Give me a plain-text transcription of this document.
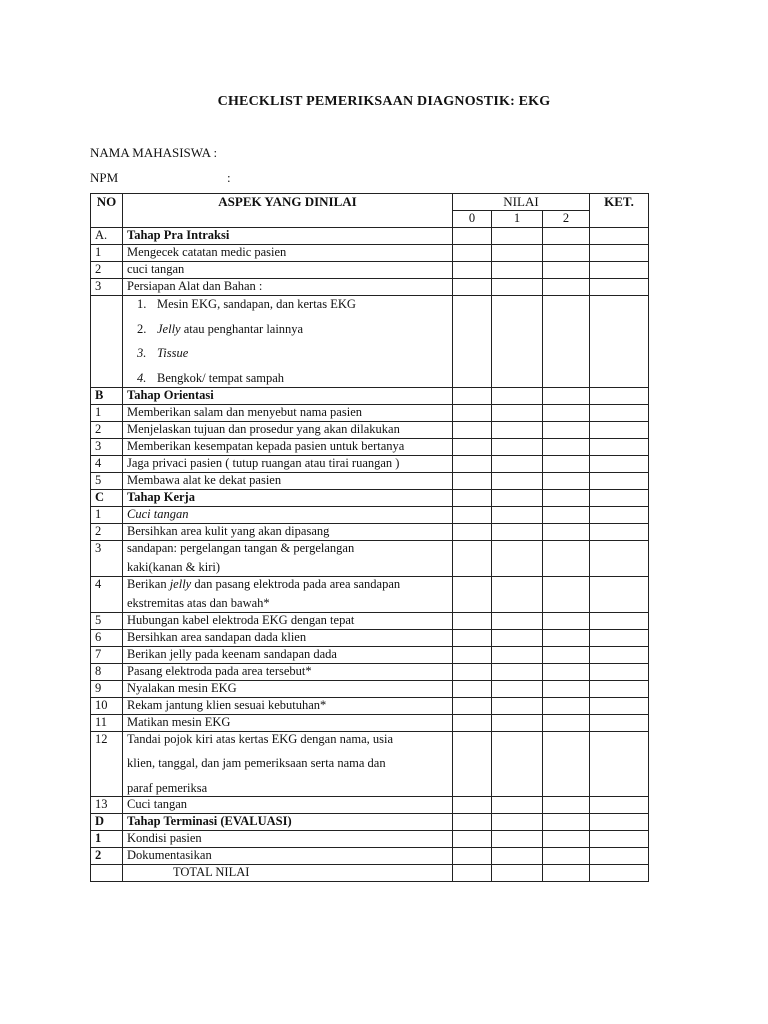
CHECKLIST PEMERIKSAAN DIAGNOSTIK: EKG
NAMA MAHASISWA :
NPM	:
NO	ASPEK YANG DINILAI	NILAI			KET.
		0	1	2	
A.	Tahap Pra Intraksi				
1	Mengecek catatan medic pasien				
2	cuci tangan				
3	Persiapan Alat dan Bahan :				

	1. Mesin EKG, sandapan, dan kertas EKG
2. Jelly atau penghantar lainnya
3. Tissue
4. Bengkok/ tempat sampah				

B	Tahap Orientasi				
1	Memberikan salam dan menyebut nama pasien				
2	Menjelaskan tujuan dan prosedur yang akan dilakukan				
3	Memberikan kesempatan kepada pasien untuk bertanya				
4	Jaga privaci pasien ( tutup ruangan atau tirai ruangan )				
5	Membawa alat ke dekat pasien				
C	Tahap Kerja				
1	Cuci tangan				
2	Bersihkan area kulit yang akan dipasang				
3	sandapan: pergelangan tangan & pergelangan
kaki(kanan & kiri)				

4	Berikan jelly dan pasang elektroda pada area sandapan
ekstremitas atas dan bawah*				

5	Hubungan kabel elektroda EKG dengan tepat				
6	Bersihkan area sandapan dada klien				
7	Berikan jelly pada keenam sandapan dada				
8	Pasang elektroda pada area tersebut*				
9	Nyalakan mesin EKG				
10	Rekam jantung klien sesuai kebutuhan*				
11	Matikan mesin EKG				
12	Tandai pojok kiri atas kertas EKG dengan nama, usia
klien, tanggal, dan jam pemeriksaan serta nama dan
paraf pemeriksa				

13	Cuci tangan				
D	Tahap Terminasi (EVALUASI)				
1	Kondisi pasien				
2	Dokumentasikan				
	TOTAL NILAI				
